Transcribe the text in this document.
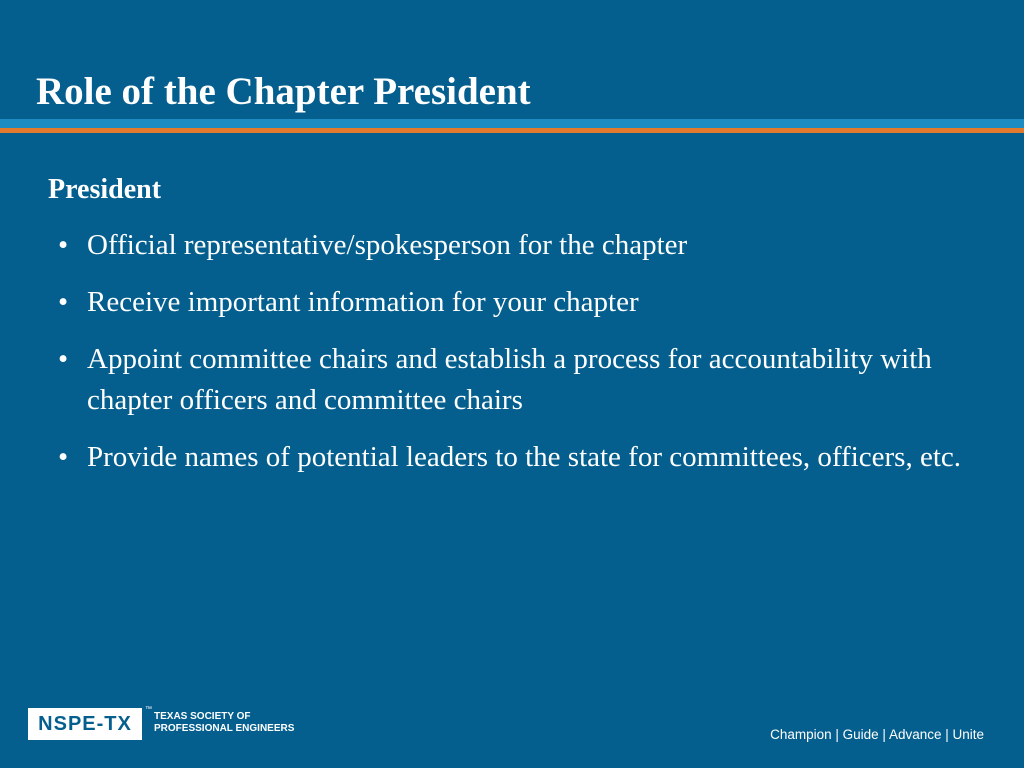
Role of the Chapter President
President
• Official representative/spokesperson for the chapter
• Receive important information for your chapter
• Appoint committee chairs and establish a process for accountability with chapter officers and committee chairs
• Provide names of potential leaders to the state for committees, officers, etc.
NSPE-TX
™
TEXAS SOCIETY OF
PROFESSIONAL ENGINEERS	Champion | Guide | Advance | Unite
